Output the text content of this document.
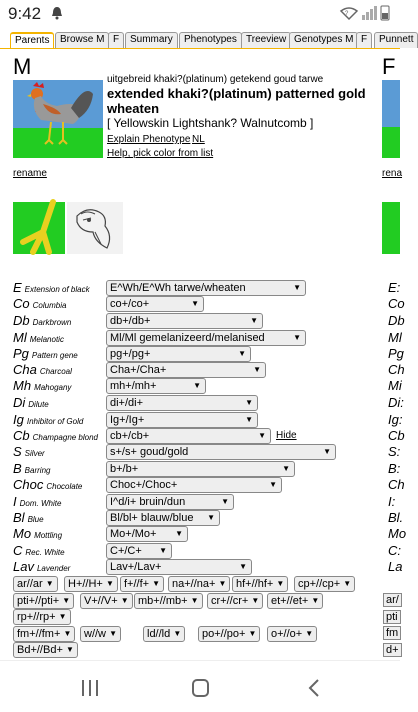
9:42	?
Parents	Browse M F	Summary	Phenotypes Treeview Genotypes M F	Punnett
M
uitgebreid khaki?(platinum) getekend goud tarwe
extended khaki?(platinum) patterned gold
wheaten
[ Yellowskin Lightshank? Walnutcomb ]
Explain Phenotype NL
Help, pick color from list
rename
E Extension of black	E^Wh/E^Wh tarwe/wheaten	▼
Co Columbia	co+/co+	▼
Db Darkbrown	db+/db+	▼
Ml Melanotic	Ml/Ml gemelanizeerd/melanised	▼
Pg Pattern gene	pg+/pg+	▼
Cha Charcoal	Cha+/Cha+	▼
Mh Mahogany	mh+/mh+	▼
Di Dilute	di+/di+	▼
Ig Inhibitor of Gold	Ig+/Ig+	▼
Cb Champagne blond	cb+/cb+	▼ Hide
S Silver	s+/s+ goud/gold	▼
B Barring	b+/b+	▼
Choc Chocolate	Choc+/Choc+	▼
I Dom. White	I^d/i+ bruin/dun	▼
Bl Blue	Bl/bl+ blauw/blue ▼
Mo Mottling	Mo+/Mo+ ▼
C Rec. White	C+/C+ ▼
Lav Lavender	Lav+/Lav+	▼
ar//ar ▼	H+//H+ ▼ f+//f+ ▼	na+//na+ ▼ hf+//hf+ ▼	cp+//cp+ ▼
pti+//pti+ ▼	V+//V+ ▼ mb+//mb+ ▼	cr+//cr+ ▼	et+//et+ ▼
rp+//rp+ ▼
fm+//fm+ ▼	w//w ▼	ld//ld ▼	po+//po+ ▼	o+//o+ ▼
Bd+//Bd+ ▼
F
rena
E:
Co
Db
Ml
Pg
Ch
Mi
Di:
Ig:
Cb
S:
B:
Ch
I:
Bl.
Mo
C:
La
ar/
pti
fm
d+
